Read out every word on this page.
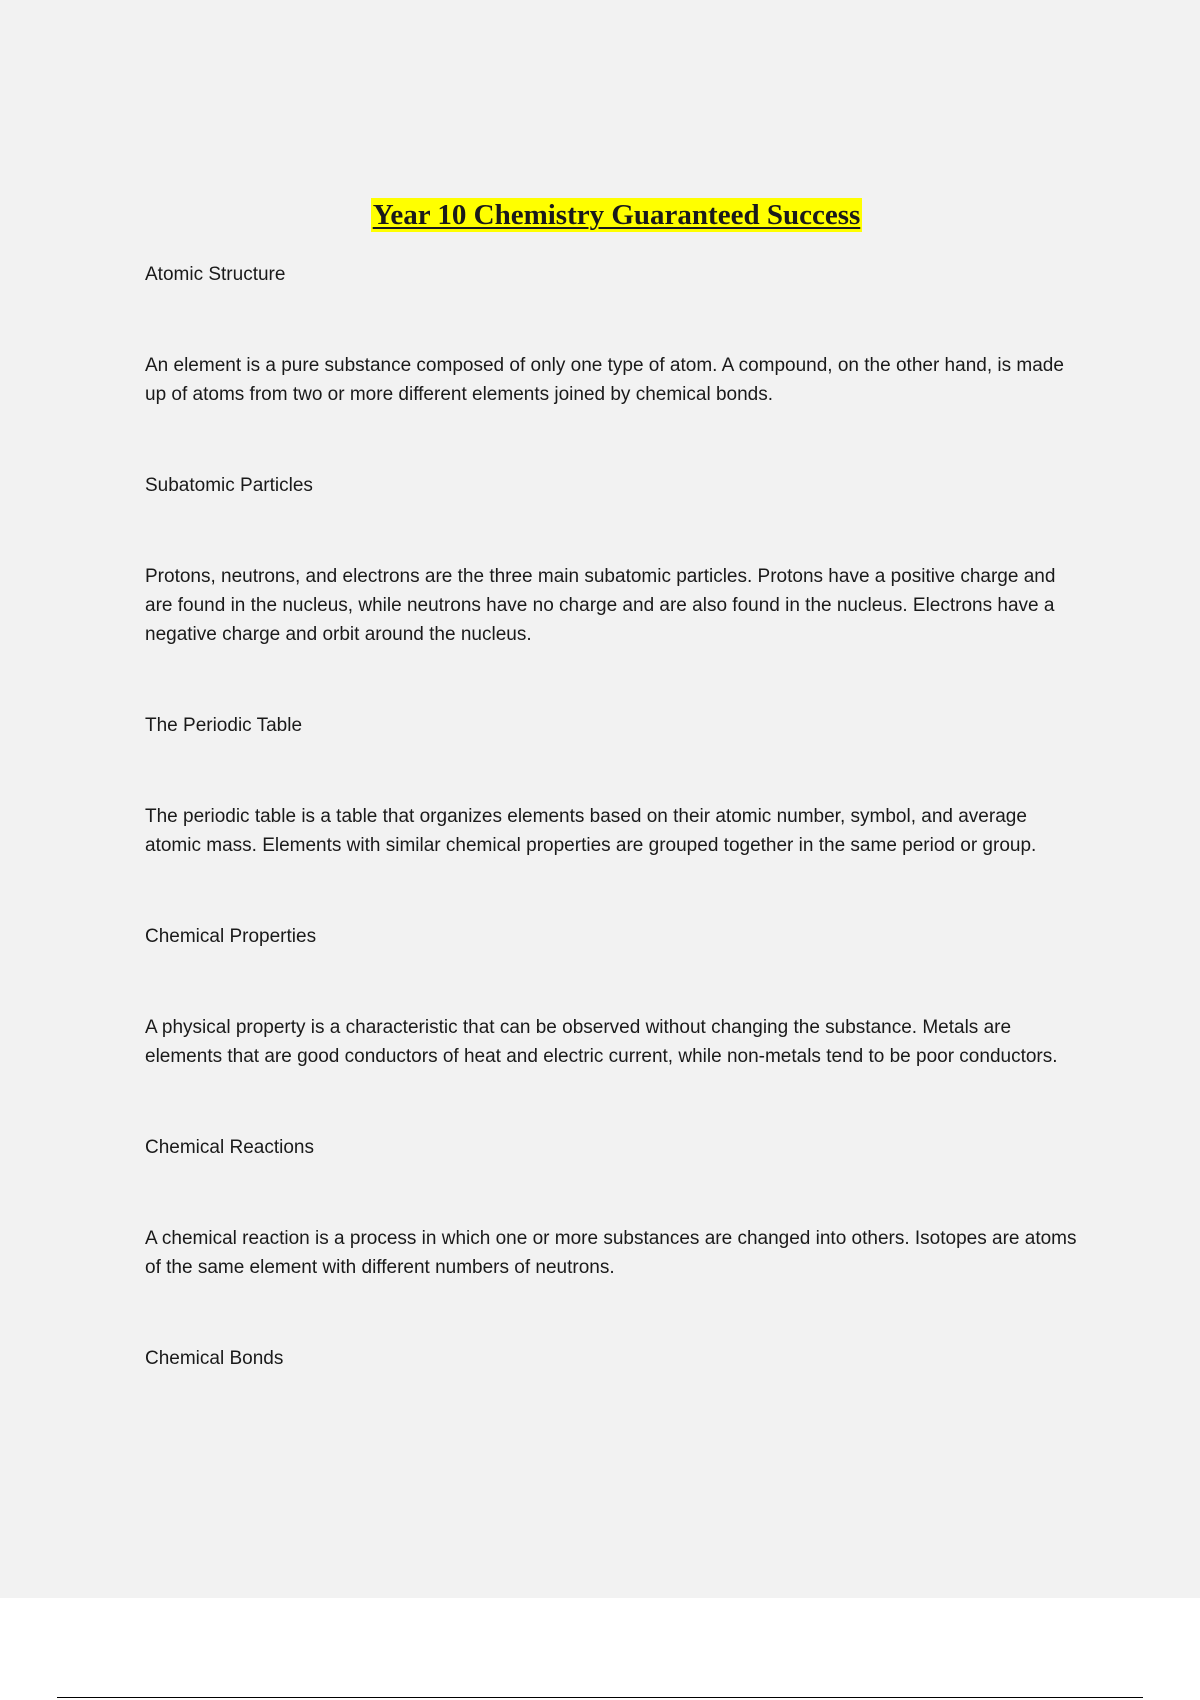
Year 10 Chemistry Guaranteed Success

Atomic Structure

An element is a pure substance composed of only one type of atom. A compound, on the other hand, is made up of atoms from two or more different elements joined by chemical bonds.

Subatomic Particles

Protons, neutrons, and electrons are the three main subatomic particles. Protons have a positive charge and are found in the nucleus, while neutrons have no charge and are also found in the nucleus. Electrons have a negative charge and orbit around the nucleus.

The Periodic Table

The periodic table is a table that organizes elements based on their atomic number, symbol, and average atomic mass. Elements with similar chemical properties are grouped together in the same period or group.

Chemical Properties

A physical property is a characteristic that can be observed without changing the substance. Metals are elements that are good conductors of heat and electric current, while non-metals tend to be poor conductors.

Chemical Reactions

A chemical reaction is a process in which one or more substances are changed into others. Isotopes are atoms of the same element with different numbers of neutrons.

Chemical Bonds
